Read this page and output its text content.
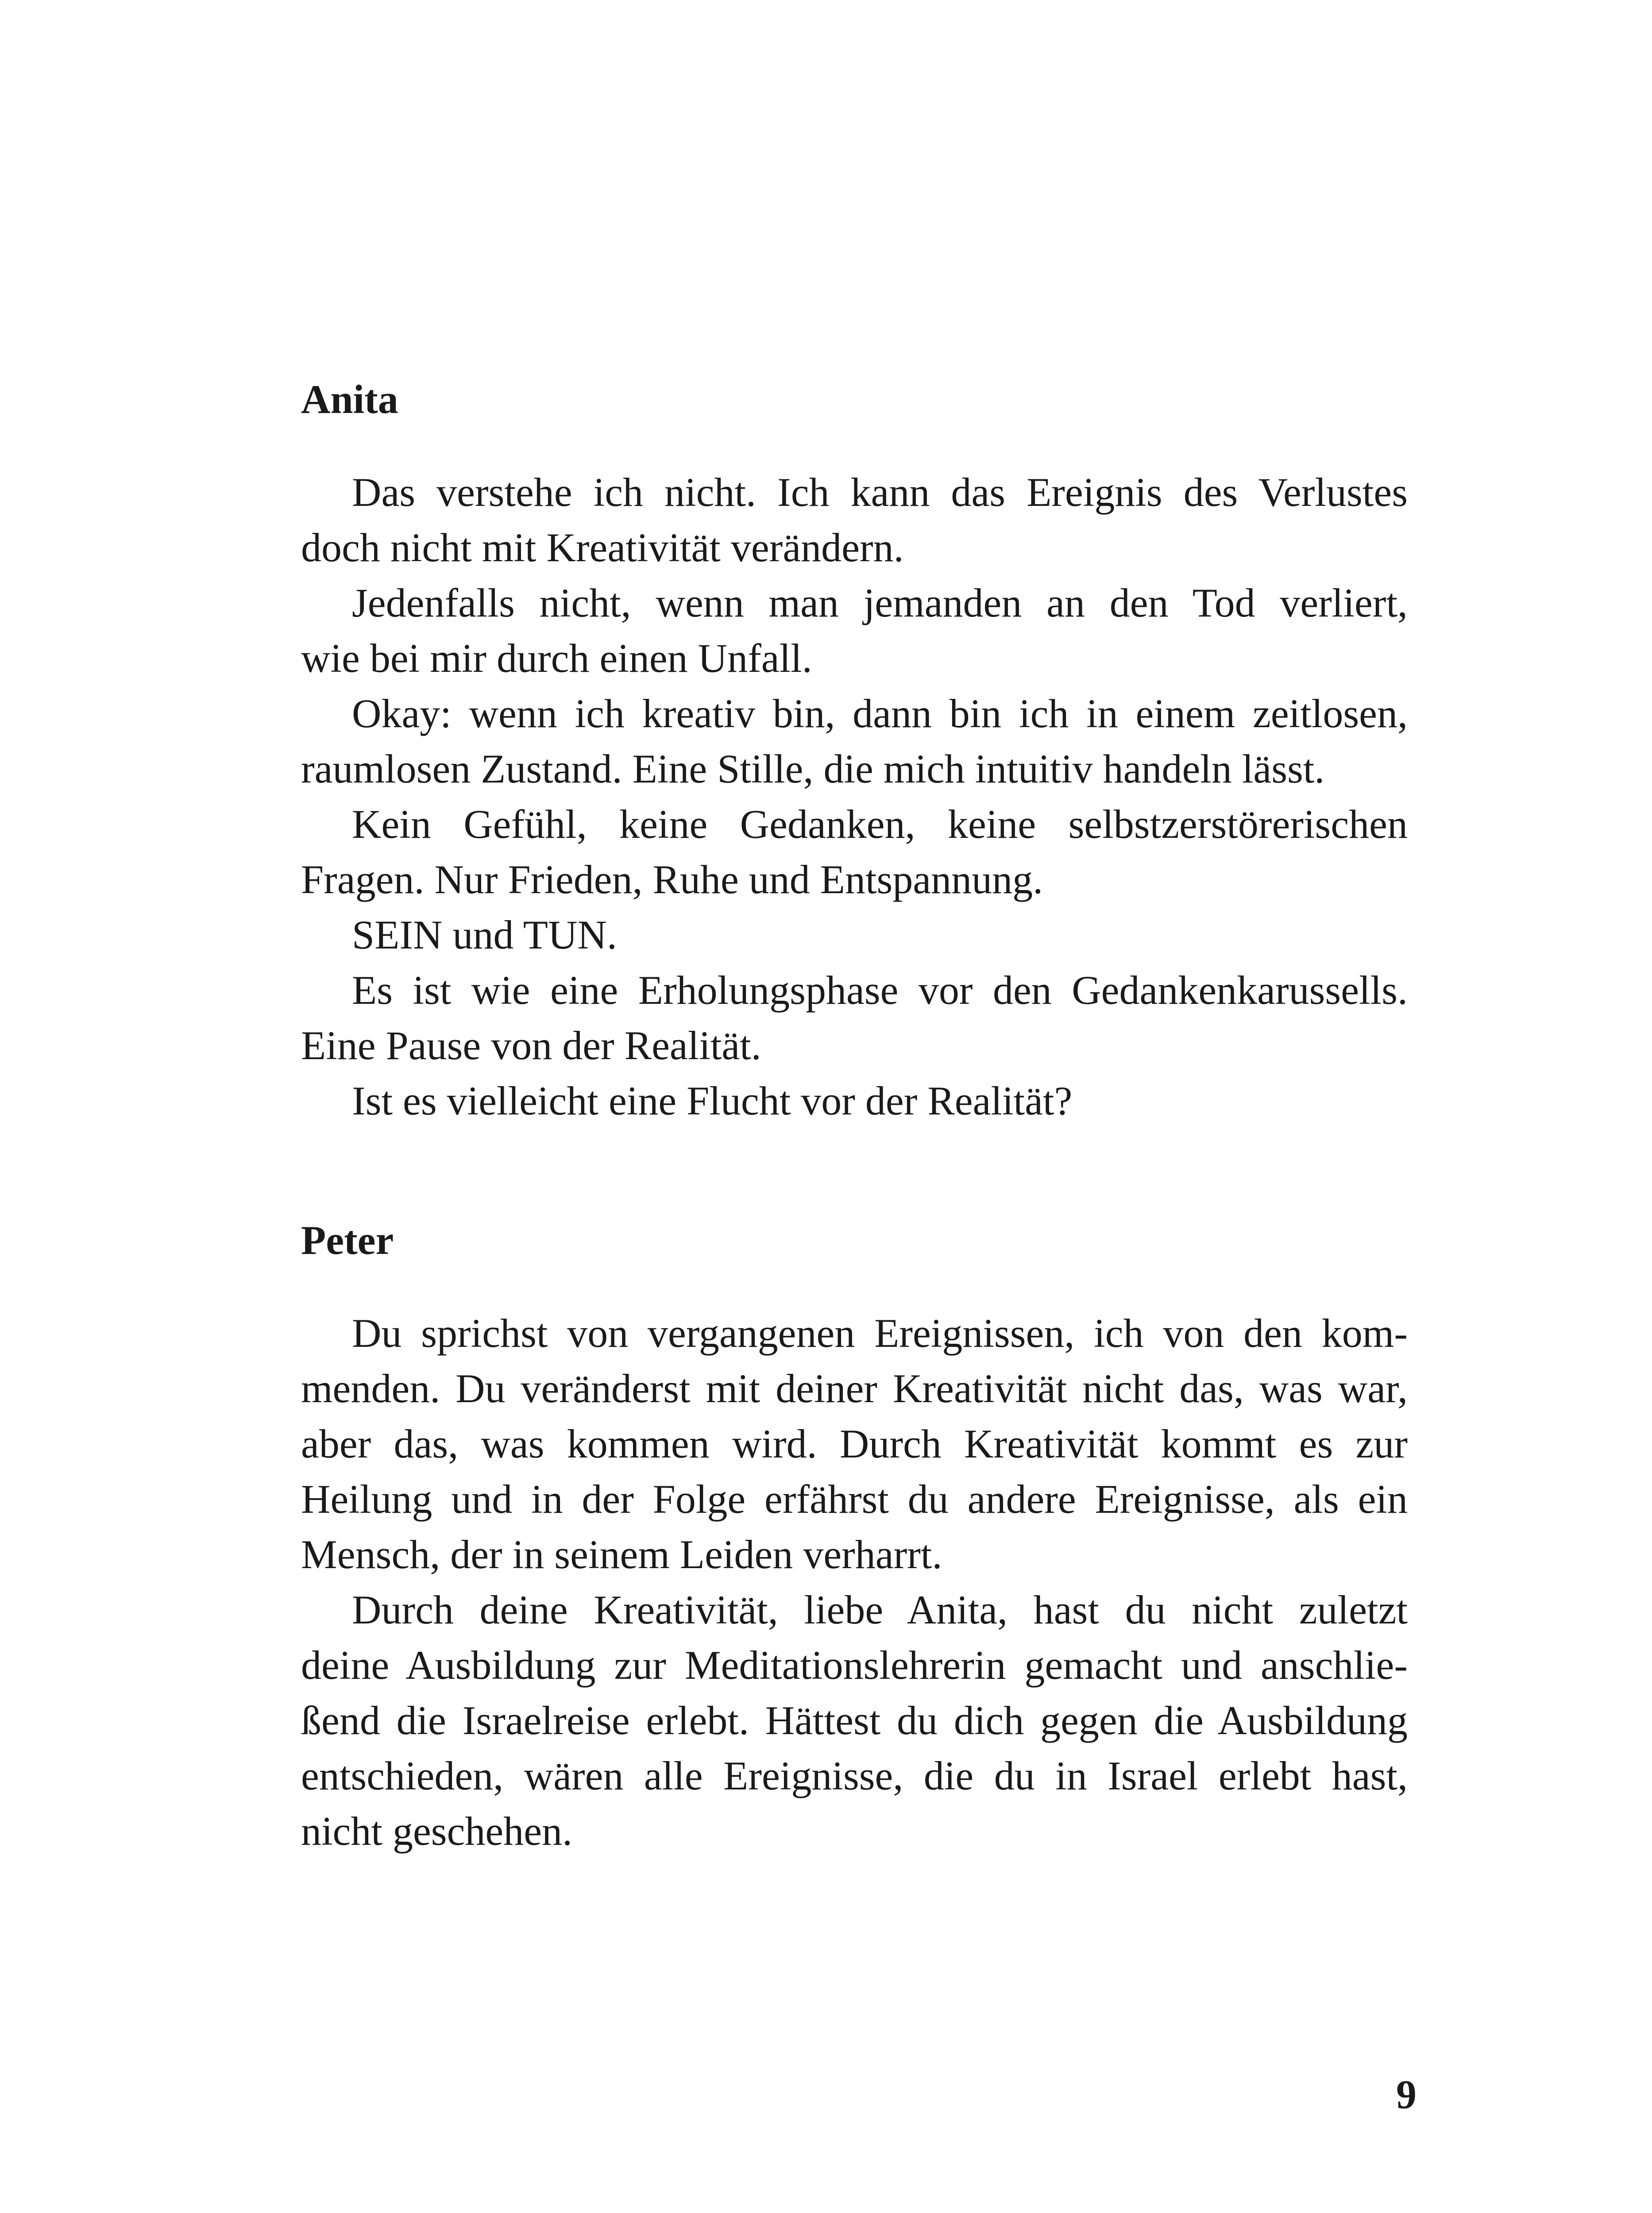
Anita

Das verstehe ich nicht. Ich kann das Ereignis des Verlustes
doch nicht mit Kreativität verändern.

Jedenfalls nicht, wenn man jemanden an den Tod verliert,
wie bei mir durch einen Unfall.

Okay: wenn ich kreativ bin, dann bin ich in einem zeitlosen,
raumlosen Zustand. Eine Stille, die mich intuitiv handeln lässt.

Kein Gefühl, keine Gedanken, keine selbstzerstörerischen
Fragen. Nur Frieden, Ruhe und Entspannung.

SEIN und TUN.

Es ist wie eine Erholungsphase vor den Gedankenkarussells.
Eine Pause von der Realität.

Ist es vielleicht eine Flucht vor der Realität?

Peter

Du sprichst von vergangenen Ereignissen, ich von den kom-
menden. Du veränderst mit deiner Kreativität nicht das, was war,
aber das, was kommen wird. Durch Kreativität kommt es zur
Heilung und in der Folge erfährst du andere Ereignisse, als ein
Mensch, der in seinem Leiden verharrt.

Durch deine Kreativität, liebe Anita, hast du nicht zuletzt
deine Ausbildung zur Meditationslehrerin gemacht und anschlie-
ßend die Israelreise erlebt. Hättest du dich gegen die Ausbildung
entschieden, wären alle Ereignisse, die du in Israel erlebt hast,
nicht geschehen.

9
